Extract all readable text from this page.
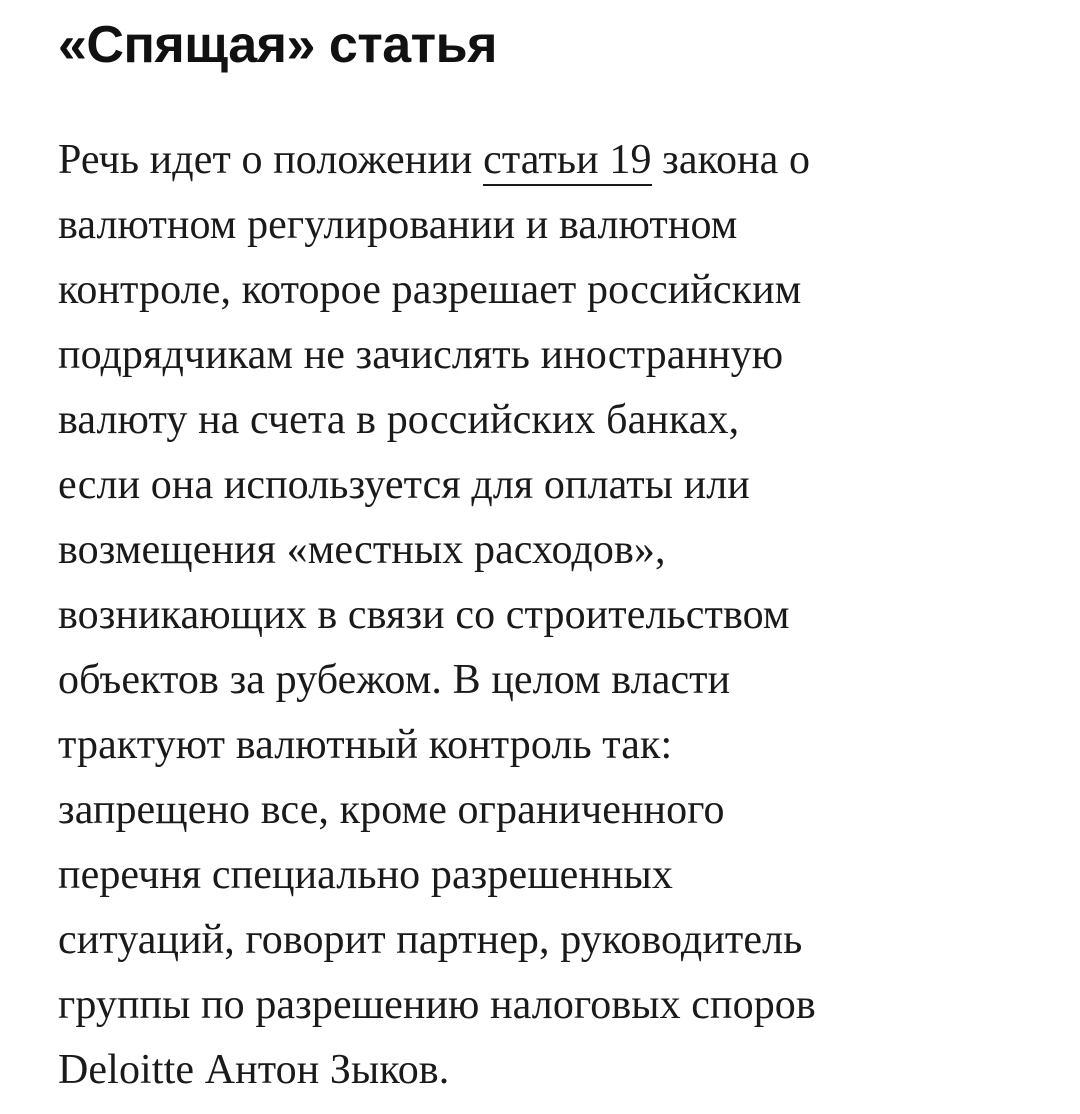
«Спящая» статья

Речь идет о положении статьи 19 закона о
валютном регулировании и валютном
контроле, которое разрешает российским
подрядчикам не зачислять иностранную
валюту на счета в российских банках,
если она используется для оплаты или
возмещения «местных расходов»,
возникающих в связи со строительством
объектов за рубежом. В целом власти
трактуют валютный контроль так:
запрещено все, кроме ограниченного
перечня специально разрешенных
ситуаций, говорит партнер, руководитель
группы по разрешению налоговых споров
Deloitte Антон Зыков.
